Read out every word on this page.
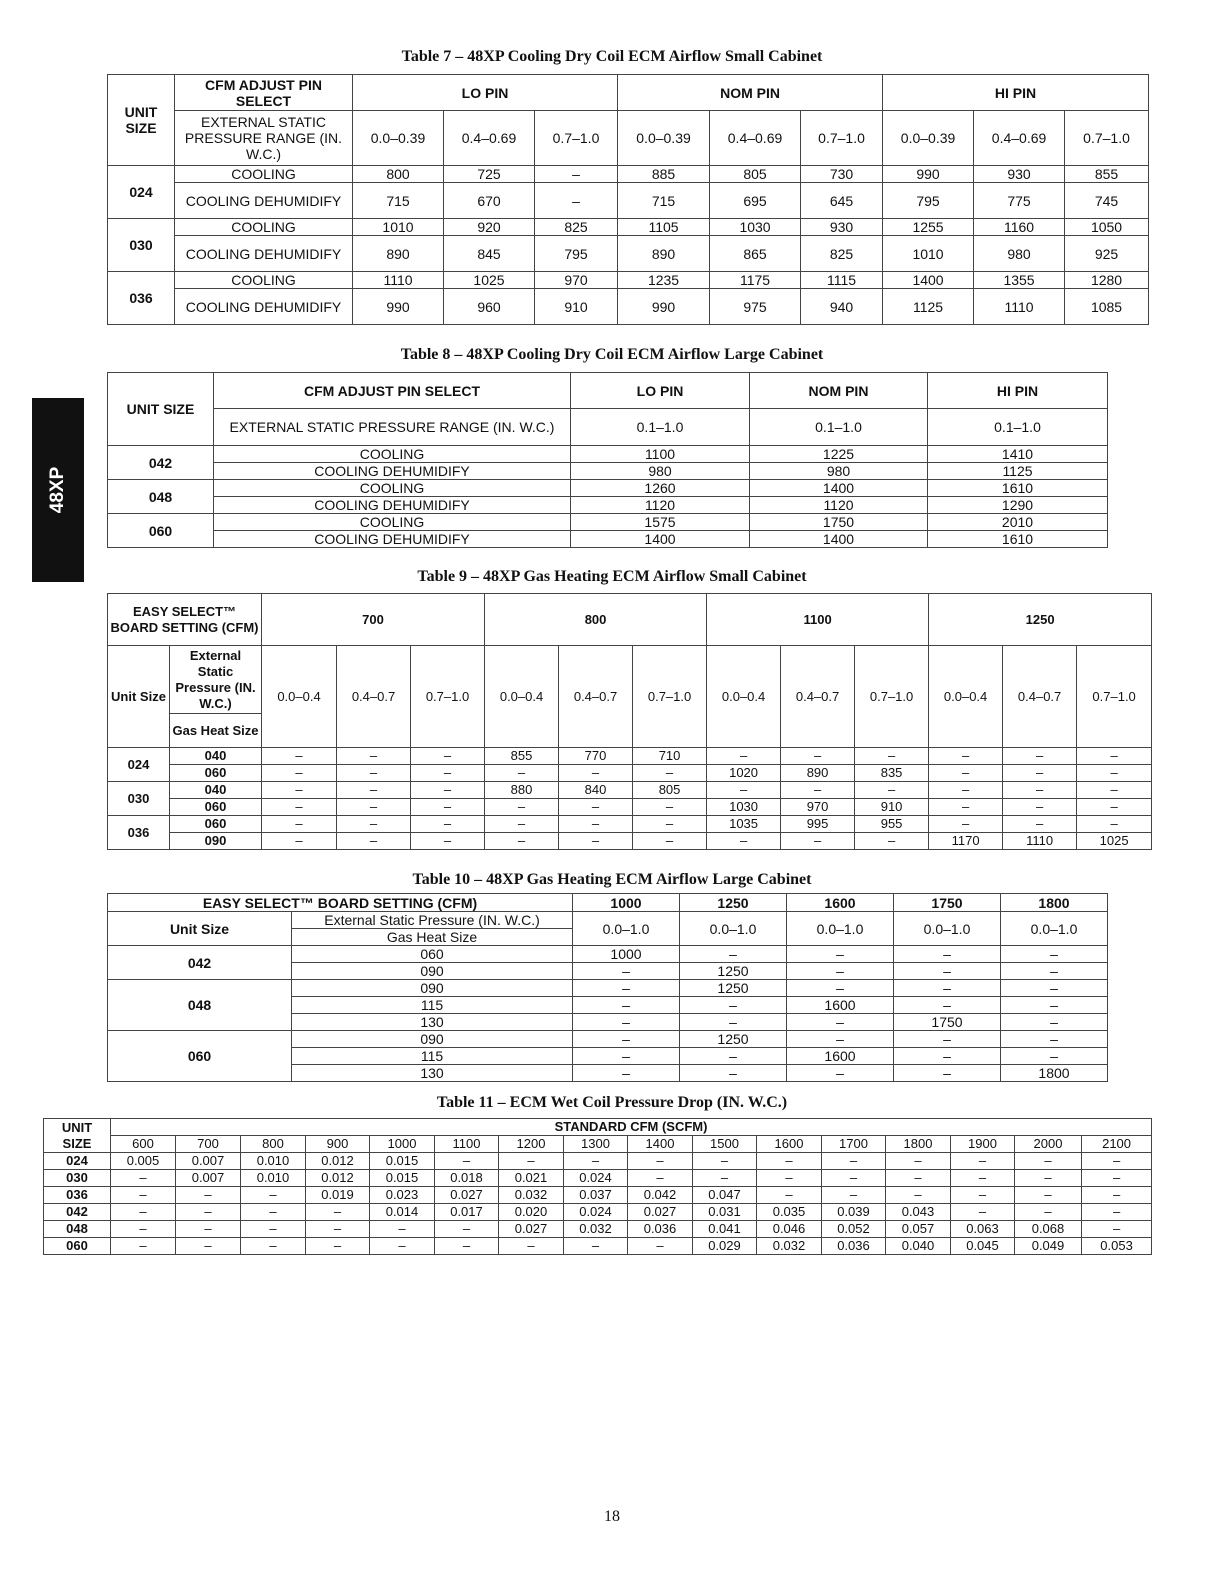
48XP
Table 7 – 48XP Cooling Dry Coil ECM Airflow Small Cabinet
UNIT SIZE	CFM ADJUST PIN SELECT	LO PIN			NOM PIN			HI PIN		
	EXTERNAL STATIC PRESSURE RANGE (IN. W.C.)	0.0–0.39	0.4–0.69	0.7–1.0	0.0–0.39	0.4–0.69	0.7–1.0	0.0–0.39	0.4–0.69	0.7–1.0
024	COOLING	800	725	–	885	805	730	990	930	855
	COOLING DEHUMIDIFY	715	670	–	715	695	645	795	775	745
030	COOLING	1010	920	825	1105	1030	930	1255	1160	1050
	COOLING DEHUMIDIFY	890	845	795	890	865	825	1010	980	925
036	COOLING	1110	1025	970	1235	1175	1115	1400	1355	1280
	COOLING DEHUMIDIFY	990	960	910	990	975	940	1125	1110	1085
Table 8 – 48XP Cooling Dry Coil ECM Airflow Large Cabinet
UNIT SIZE	CFM ADJUST PIN SELECT	LO PIN	NOM PIN	HI PIN
	EXTERNAL STATIC PRESSURE RANGE (IN. W.C.)	0.1–1.0	0.1–1.0	0.1–1.0
042	COOLING	1100	1225	1410
	COOLING DEHUMIDIFY	980	980	1125
048	COOLING	1260	1400	1610
	COOLING DEHUMIDIFY	1120	1120	1290
060	COOLING	1575	1750	2010
	COOLING DEHUMIDIFY	1400	1400	1610
Table 9 – 48XP Gas Heating ECM Airflow Small Cabinet
EASY SELECT™ BOARD SETTING (CFM)		700			800			1100			1250		
Unit Size	External Static Pressure (IN. W.C.)	0.0–0.4	0.4–0.7	0.7–1.0	0.0–0.4	0.4–0.7	0.7–1.0	0.0–0.4	0.4–0.7	0.7–1.0	0.0–0.4	0.4–0.7	0.7–1.0
	Gas Heat Size												
024	040	–	–	–	855	770	710	–	–	–	–	–	–
	060	–	–	–	–	–	–	1020	890	835	–	–	–
030	040	–	–	–	880	840	805	–	–	–	–	–	–
	060	–	–	–	–	–	–	1030	970	910	–	–	–
036	060	–	–	–	–	–	–	1035	995	955	–	–	–
	090	–	–	–	–	–	–	–	–	–	1170	1110	1025
Table 10 – 48XP Gas Heating ECM Airflow Large Cabinet
EASY SELECT™ BOARD SETTING (CFM)		1000	1250	1600	1750	1800
Unit Size	External Static Pressure (IN. W.C.)	0.0–1.0	0.0–1.0	0.0–1.0	0.0–1.0	0.0–1.0
	Gas Heat Size					
042	060	1000	–	–	–	–
	090	–	1250	–	–	–
048	090	–	1250	–	–	–
	115	–	–	1600	–	–
	130	–	–	–	1750	–
060	090	–	1250	–	–	–
	115	–	–	1600	–	–
	130	–	–	–	–	1800
Table 11 – ECM Wet Coil Pressure Drop (IN. W.C.)
UNIT SIZE	STANDARD CFM (SCFM)															
	600	700	800	900	1000	1100	1200	1300	1400	1500	1600	1700	1800	1900	2000	2100
024	0.005	0.007	0.010	0.012	0.015	–	–	–	–	–	–	–	–	–	–	–
030	–	0.007	0.010	0.012	0.015	0.018	0.021	0.024	–	–	–	–	–	–	–	–
036	–	–	–	0.019	0.023	0.027	0.032	0.037	0.042	0.047	–	–	–	–	–	–
042	–	–	–	–	0.014	0.017	0.020	0.024	0.027	0.031	0.035	0.039	0.043	–	–	–
048	–	–	–	–	–	–	0.027	0.032	0.036	0.041	0.046	0.052	0.057	0.063	0.068	–
060	–	–	–	–	–	–	–	–	–	0.029	0.032	0.036	0.040	0.045	0.049	0.053
18
